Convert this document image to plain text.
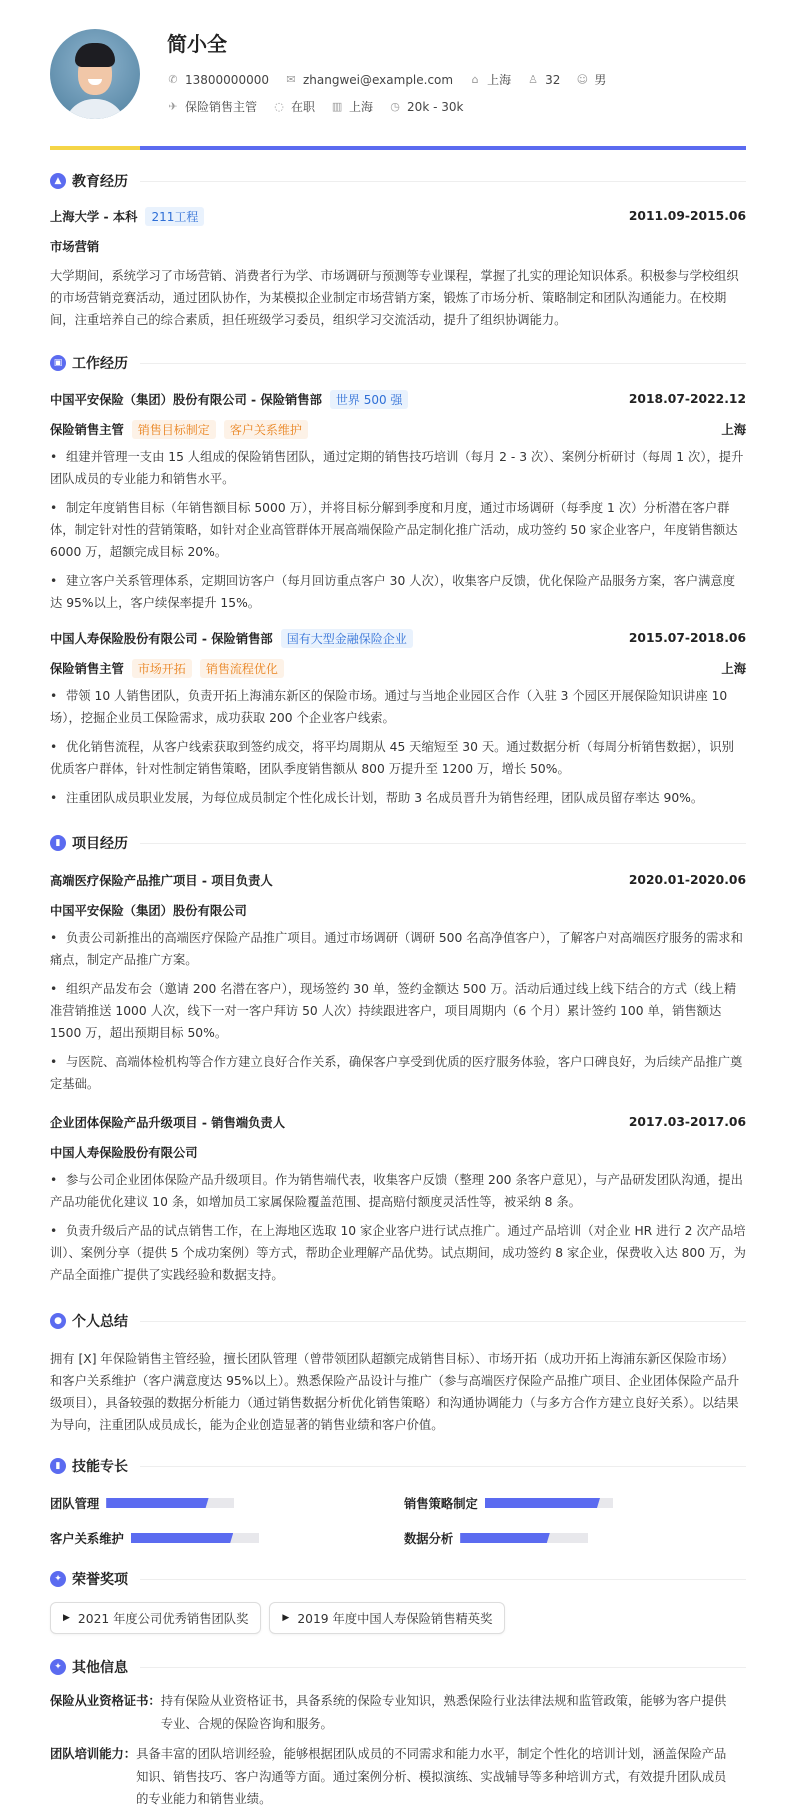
简小全
✆ 13800000000 ✉ zhangwei@example.com ⌂ 上海 ♙ 32 ☺ 男
✈ 保险销售主管 ◌ 在职 ▥ 上海 ◷ 20k - 30k
▲ 教育经历
上海大学 - 本科	211工程	2011.09-2015.06
市场营销

大学期间，系统学习了市场营销、消费者行为学、市场调研与预测等专业课程，掌握了扎实的理论知识体系。积极参与学校组织的市场营销竞赛活动，通过团队协作，为某模拟企业制定市场营销方案，锻炼了市场分析、策略制定和团队沟通能力。在校期间，注重培养自己的综合素质，担任班级学习委员，组织学习交流活动，提升了组织协调能力。

▣ 工作经历
中国平安保险（集团）股份有限公司 - 保险销售部	世界 500 强	2018.07-2022.12
保险销售主管	销售目标制定	客户关系维护	上海
• 组建并管理一支由 15 人组成的保险销售团队，通过定期的销售技巧培训（每月 2 - 3 次）、案例分析研讨（每周 1 次），提升团队成员的专业能力和销售水平。
• 制定年度销售目标（年销售额目标 5000 万），并将目标分解到季度和月度，通过市场调研（每季度 1 次）分析潜在客户群体，制定针对性的营销策略，如针对企业高管群体开展高端保险产品定制化推广活动，成功签约 50 家企业客户，年度销售额达 6000 万，超额完成目标 20%。
• 建立客户关系管理体系，定期回访客户（每月回访重点客户 30 人次），收集客户反馈，优化保险产品服务方案，客户满意度达 95%以上，客户续保率提升 15%。
中国人寿保险股份有限公司 - 保险销售部	国有大型金融保险企业	2015.07-2018.06
保险销售主管	市场开拓	销售流程优化	上海
• 带领 10 人销售团队，负责开拓上海浦东新区的保险市场。通过与当地企业园区合作（入驻 3 个园区开展保险知识讲座 10 场），挖掘企业员工保险需求，成功获取 200 个企业客户线索。
• 优化销售流程，从客户线索获取到签约成交，将平均周期从 45 天缩短至 30 天。通过数据分析（每周分析销售数据），识别优质客户群体，针对性制定销售策略，团队季度销售额从 800 万提升至 1200 万，增长 50%。
• 注重团队成员职业发展，为每位成员制定个性化成长计划，帮助 3 名成员晋升为销售经理，团队成员留存率达 90%。
▮ 项目经历
高端医疗保险产品推广项目 - 项目负责人	2020.01-2020.06
中国平安保险（集团）股份有限公司
• 负责公司新推出的高端医疗保险产品推广项目。通过市场调研（调研 500 名高净值客户），了解客户对高端医疗服务的需求和痛点，制定产品推广方案。
• 组织产品发布会（邀请 200 名潜在客户），现场签约 30 单，签约金额达 500 万。活动后通过线上线下结合的方式（线上精准营销推送 1000 人次，线下一对一客户拜访 50 人次）持续跟进客户，项目周期内（6 个月）累计签约 100 单，销售额达 1500 万，超出预期目标 50%。
• 与医院、高端体检机构等合作方建立良好合作关系，确保客户享受到优质的医疗服务体验，客户口碑良好，为后续产品推广奠定基础。
企业团体保险产品升级项目 - 销售端负责人	2017.03-2017.06
中国人寿保险股份有限公司
• 参与公司企业团体保险产品升级项目。作为销售端代表，收集客户反馈（整理 200 条客户意见），与产品研发团队沟通，提出产品功能优化建议 10 条，如增加员工家属保险覆盖范围、提高赔付额度灵活性等，被采纳 8 条。
• 负责升级后产品的试点销售工作，在上海地区选取 10 家企业客户进行试点推广。通过产品培训（对企业 HR 进行 2 次产品培训）、案例分享（提供 5 个成功案例）等方式，帮助企业理解产品优势。试点期间，成功签约 8 家企业，保费收入达 800 万，为产品全面推广提供了实践经验和数据支持。
● 个人总结

拥有 [X] 年保险销售主管经验，擅长团队管理（曾带领团队超额完成销售目标）、市场开拓（成功开拓上海浦东新区保险市场）和客户关系维护（客户满意度达 95%以上）。熟悉保险产品设计与推广（参与高端医疗保险产品推广项目、企业团体保险产品升级项目），具备较强的数据分析能力（通过销售数据分析优化销售策略）和沟通协调能力（与多方合作方建立良好关系）。以结果为导向，注重团队成员成长，能为企业创造显著的销售业绩和客户价值。

▮ 技能专长
团队管理	销售策略制定
客户关系维护	数据分析
✦ 荣誉奖项
▶ 2021 年度公司优秀销售团队奖	▶ 2019 年度中国人寿保险销售精英奖
✦ 其他信息
保险从业资格证书： 持有保险从业资格证书，具备系统的保险专业知识，熟悉保险行业法律法规和监管政策，能够为客户提供专业、合规的保险咨询和服务。
团队培训能力： 具备丰富的团队培训经验，能够根据团队成员的不同需求和能力水平，制定个性化的培训计划，涵盖保险产品知识、销售技巧、客户沟通等方面。通过案例分析、模拟演练、实战辅导等多种培训方式，有效提升团队成员的专业能力和销售业绩。
